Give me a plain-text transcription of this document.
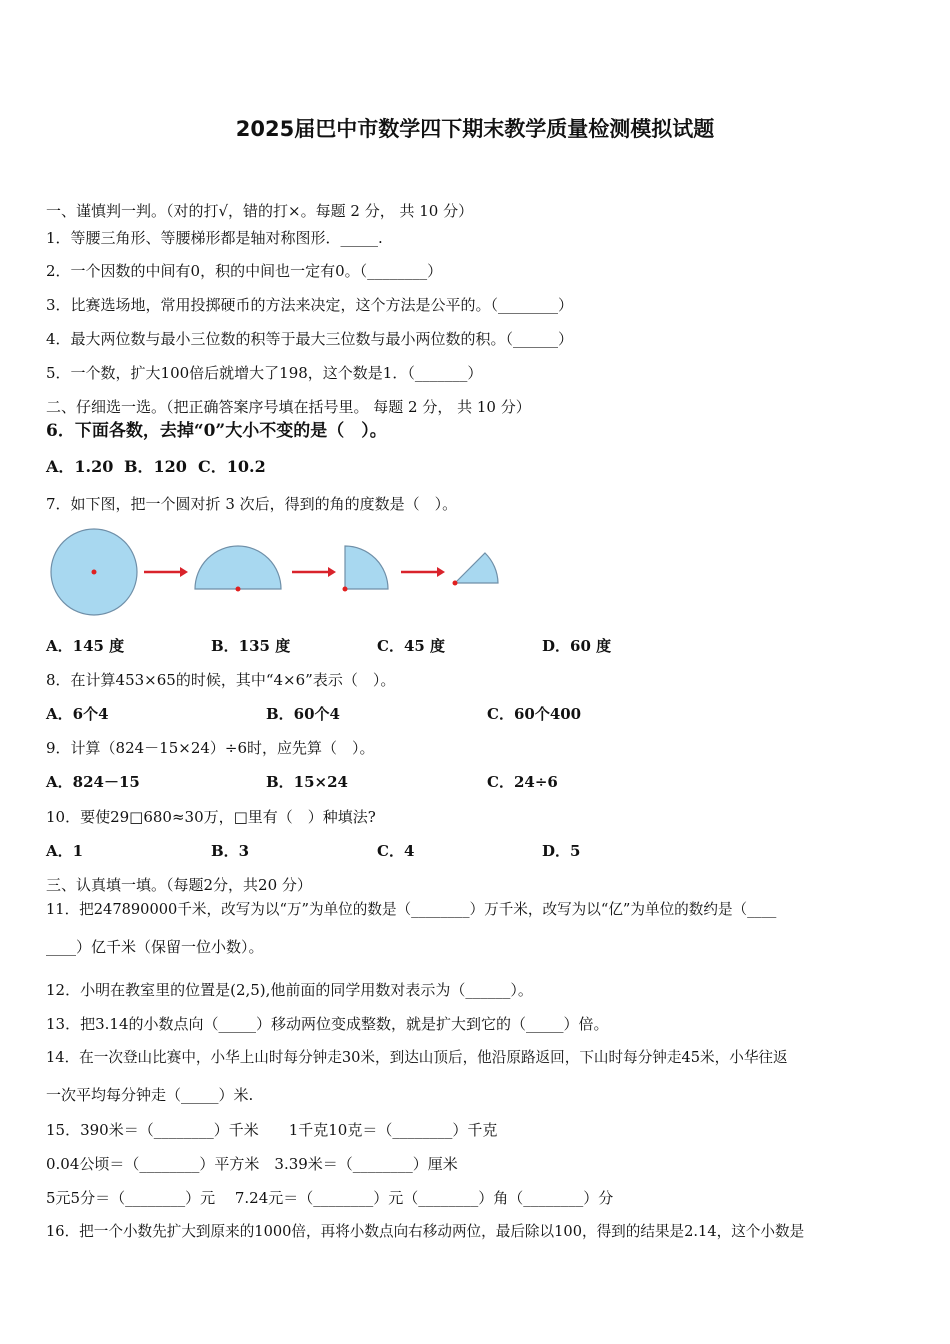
2025届巴中市数学四下期末教学质量检测模拟试题
一、谨慎判一判。（对的打√，错的打×。每题 2 分， 共 10 分）
1．等腰三角形、等腰梯形都是轴对称图形．_____.
2．一个因数的中间有0，积的中间也一定有0。（________）
3．比赛选场地，常用投掷硬币的方法来决定，这个方法是公平的。（________）
4．最大两位数与最小三位数的积等于最大三位数与最小两位数的积。（______）
5．一个数，扩大100倍后就增大了198，这个数是1．（_______）
二、仔细选一选。（把正确答案序号填在括号里。 每题 2 分， 共 10 分）
6．下面各数，去掉“0”大小不变的是（　）。
A．1.20 B．120 C．10.2
7．如下图，把一个圆对折 3 次后，得到的角的度数是（　）。
A．145 度	B．135 度	C．45 度	D．60 度
8．在计算453×65的时候，其中“4×6”表示（　）。
A．6个4	B．60个4	C．60个400
9．计算（824－15×24）÷6时，应先算（　）。
A．824－15	B．15×24	C．24÷6
10．要使29□680≈30万，□里有（　）种填法?
A．1	B．3	C．4	D．5
三、认真填一填。（每题2分，共20 分）
11．把247890000千米，改写为以“万”为单位的数是（________）万千米，改写为以“亿”为单位的数约是（____
____）亿千米（保留一位小数）。
12．小明在教室里的位置是(2,5),他前面的同学用数对表示为（______）。
13．把3.14的小数点向（_____）移动两位变成整数，就是扩大到它的（_____）倍。
14．在一次登山比赛中，小华上山时每分钟走30米，到达山顶后，他沿原路返回，下山时每分钟走45米，小华往返
一次平均每分钟走（_____）米.
15．390米＝（________）千米　　1千克10克＝（________）千克
0.04公顷＝（________）平方米　3.39米＝（________）厘米
5元5分＝（________）元　 7.24元＝（________）元（________）角（________）分
16．把一个小数先扩大到原来的1000倍，再将小数点向右移动两位，最后除以100，得到的结果是2.14，这个小数是
